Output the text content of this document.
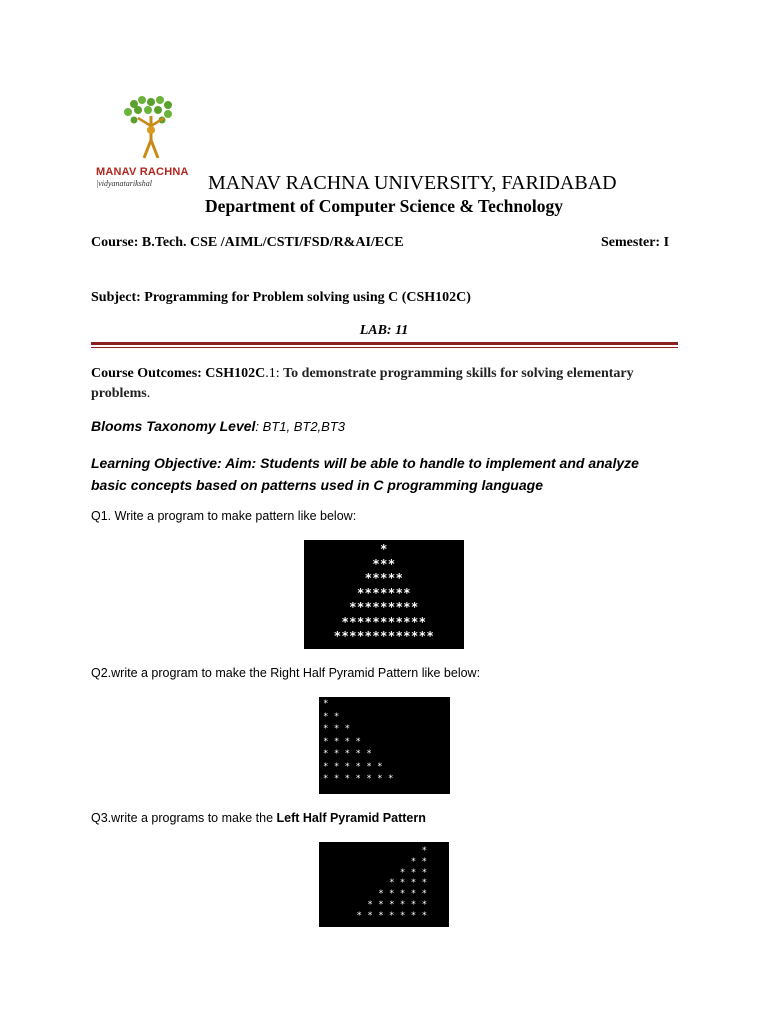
MANAV RACHNA
|vidyanatarikshal	MANAV RACHNA UNIVERSITY, FARIDABAD
Department of Computer Science & Technology
Course: B.Tech. CSE /AIML/CSTI/FSD/R&AI/ECE	Semester: I
Subject: Programming for Problem solving using C (CSH102C)
LAB: 11
Course Outcomes: CSH102C.1: To demonstrate programming skills for solving elementary problems.
Blooms Taxonomy Level: BT1, BT2,BT3
Learning Objective: Aim: Students will be able to handle to implement and analyze basic concepts based on patterns used in C programming language
Q1. Write a program to make pattern like below:
*
***
*****
*******
*********
***********
*************
Q2.write a program to make the Right Half Pyramid Pattern like below:
*
* *
* * *
* * * *
* * * * *
* * * * * *
* * * * * * *
Q3.write a programs to make the Left Half Pyramid Pattern
*
* *
* * *
* * * *
* * * * *
* * * * * *
* * * * * * *
